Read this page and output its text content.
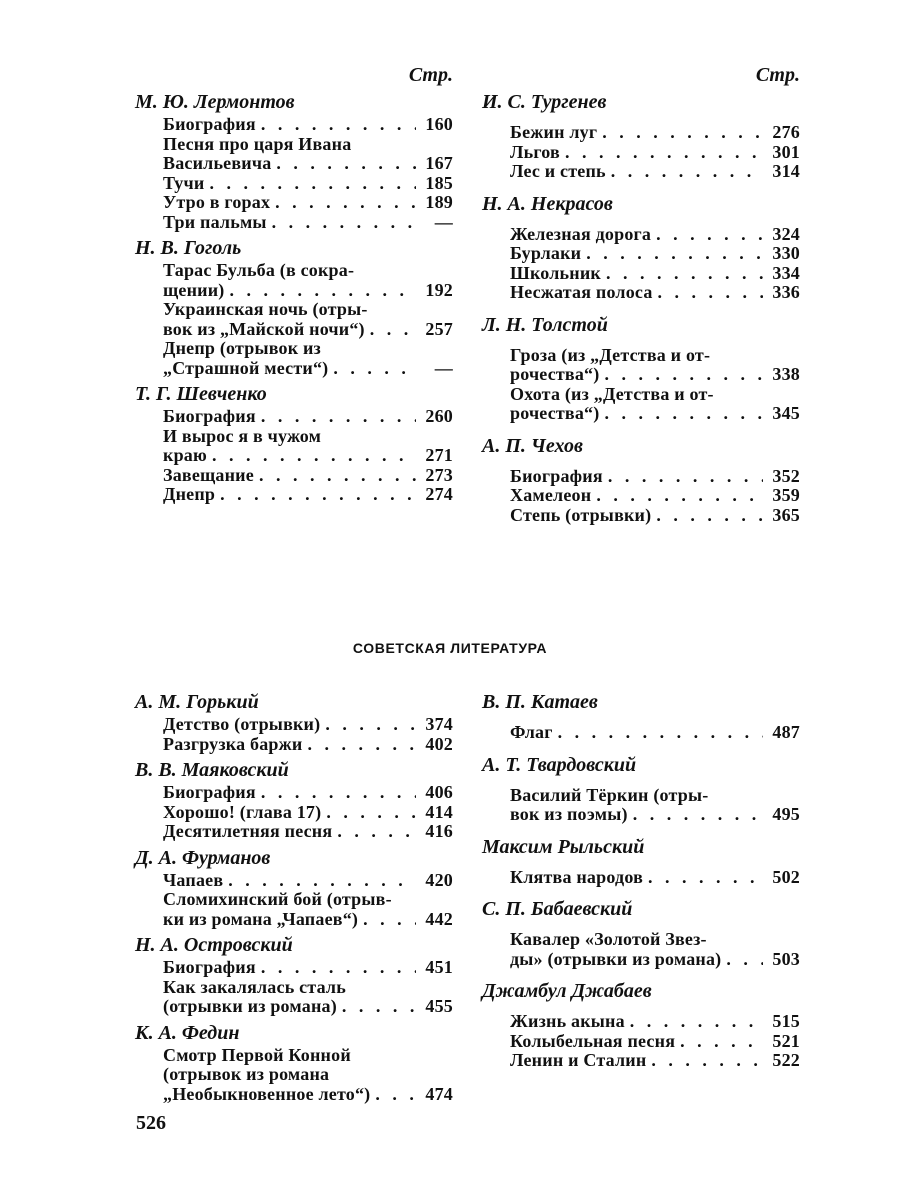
Стр.
М. Ю. Лермонтов
Биография . . .	160
Песня про царя Ивана
Васильевича . . .	167
Тучи . . .	185
Утро в горах . . .	189
Три пальмы . . .	—
Н. В. Гоголь
Тарас Бульба (в сокра-
щении) . . .	192
Украинская ночь (отры-
вок из „Майской ночи“) . . .	257
Днепр (отрывок из
„Страшной мести“) . . .	—
Т. Г. Шевченко
Биография . . .	260
И вырос я в чужом
краю . . .	271
Завещание . . .	273
Днепр . . .	274
Стр.
И. С. Тургенев
Бежин луг . . .	276
Льгов . . .	301
Лес и степь . . .	314
Н. А. Некрасов
Железная дорога . . .	324
Бурлаки . . .	330
Школьник . . .	334
Несжатая полоса . . .	336
Л. Н. Толстой
Гроза (из „Детства и от-
рочества“) . . .	338
Охота (из „Детства и от-
рочества“) . . .	345
А. П. Чехов
Биография . . .	352
Хамелеон . . .	359
Степь (отрывки) . . .	365
СОВЕТСКАЯ ЛИТЕРАТУРА
А. М. Горький
Детство (отрывки) . . .	374
Разгрузка баржи . . .	402
В. В. Маяковский
Биография . . .	406
Хорошо! (глава 17) . . .	414
Десятилетняя песня . . .	416
Д. А. Фурманов
Чапаев . . .	420
Сломихинский бой (отрыв-
ки из романа „Чапаев“) . . .	442
Н. А. Островский
Биография . . .	451
Как закалялась сталь
(отрывки из романа) . . .	455
К. А. Федин
Смотр Первой Конной
(отрывок из романа
„Необыкновенное лето“) . . .	474
В. П. Катаев
Флаг . . .	487
А. Т. Твардовский
Василий Тёркин (отры-
вок из поэмы) . . .	495
Максим Рыльский
Клятва народов . . .	502
С. П. Бабаевский
Кавалер «Золотой Звез-
ды» (отрывки из романа) . . .	503
Джамбул Джабаев
Жизнь акына . . .	515
Колыбельная песня . . .	521
Ленин и Сталин . . .	522
526
